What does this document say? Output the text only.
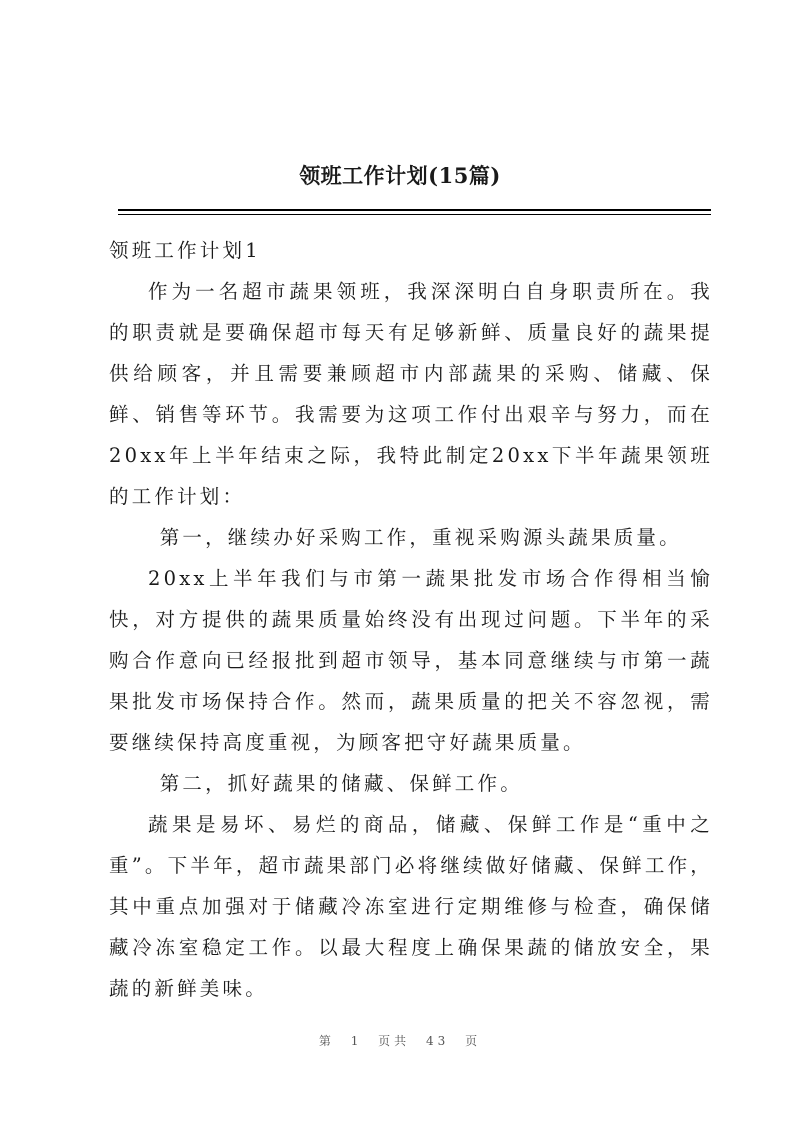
领班工作计划(15篇)

领班工作计划1

作为一名超市蔬果领班，我深深明白自身职责所在。我的职责就是要确保超市每天有足够新鲜、质量良好的蔬果提供给顾客，并且需要兼顾超市内部蔬果的采购、储藏、保鲜、销售等环节。我需要为这项工作付出艰辛与努力，而在20xx年上半年结束之际，我特此制定20xx下半年蔬果领班的工作计划：

第一，继续办好采购工作，重视采购源头蔬果质量。

20xx上半年我们与市第一蔬果批发市场合作得相当愉快，对方提供的蔬果质量始终没有出现过问题。下半年的采购合作意向已经报批到超市领导，基本同意继续与市第一蔬果批发市场保持合作。然而，蔬果质量的把关不容忽视，需要继续保持高度重视，为顾客把守好蔬果质量。

第二，抓好蔬果的储藏、保鲜工作。

蔬果是易坏、易烂的商品，储藏、保鲜工作是“重中之重”。下半年，超市蔬果部门必将继续做好储藏、保鲜工作，其中重点加强对于储藏冷冻室进行定期维修与检查，确保储藏冷冻室稳定工作。以最大程度上确保果蔬的储放安全，果蔬的新鲜美味。

第 1 页共 43 页
